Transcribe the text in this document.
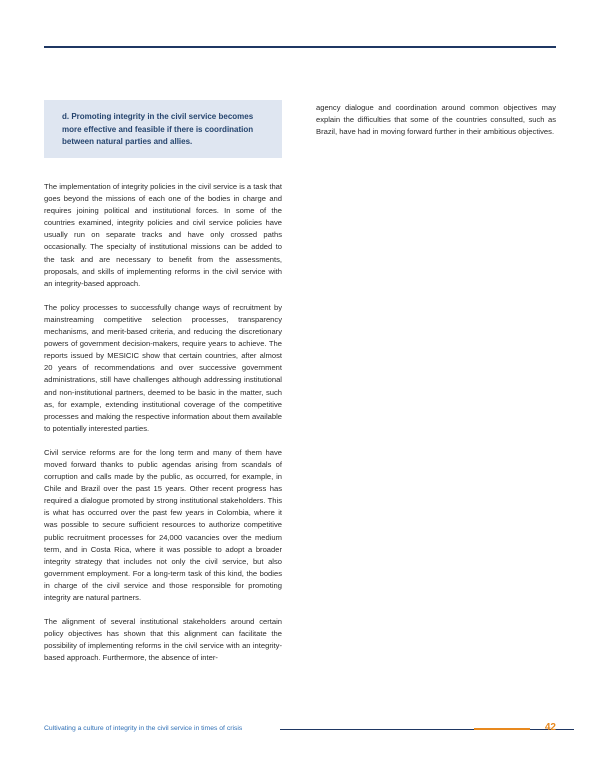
d. Promoting integrity in the civil service becomes more effective and feasible if there is coordination between natural parties and allies.

The implementation of integrity policies in the civil service is a task that goes beyond the missions of each one of the bodies in charge and requires joining political and institutional forces. In some of the countries examined, integrity policies and civil service policies have usually run on separate tracks and have only crossed paths occasionally. The specialty of institutional missions can be added to the task and are necessary to benefit from the assessments, proposals, and skills of implementing reforms in the civil service with an integrity-based approach.

The policy processes to successfully change ways of recruitment by mainstreaming competitive selection processes, transparency mechanisms, and merit-based criteria, and reducing the discretionary powers of government decision-makers, require years to achieve. The reports issued by MESICIC show that certain countries, after almost 20 years of recommendations and over successive government administrations, still have challenges although addressing institutional and non-institutional partners, deemed to be basic in the matter, such as, for example, extending institutional coverage of the competitive processes and making the respective information about them available to potentially interested parties.

Civil service reforms are for the long term and many of them have moved forward thanks to public agendas arising from scandals of corruption and calls made by the public, as occurred, for example, in Chile and Brazil over the past 15 years. Other recent progress has required a dialogue promoted by strong institutional stakeholders. This is what has occurred over the past few years in Colombia, where it was possible to secure sufficient resources to authorize competitive public recruitment processes for 24,000 vacancies over the medium term, and in Costa Rica, where it was possible to adopt a broader integrity strategy that includes not only the civil service, but also government employment. For a long-term task of this kind, the bodies in charge of the civil service and those responsible for promoting integrity are natural partners.

The alignment of several institutional stakeholders around certain policy objectives has shown that this alignment can facilitate the possibility of implementing reforms in the civil service with an integrity-based approach. Furthermore, the absence of inter-

agency dialogue and coordination around common objectives may explain the difficulties that some of the countries consulted, such as Brazil, have had in moving forward further in their ambitious objectives.

Cultivating a culture of integrity in the civil service in times of crisis	42
